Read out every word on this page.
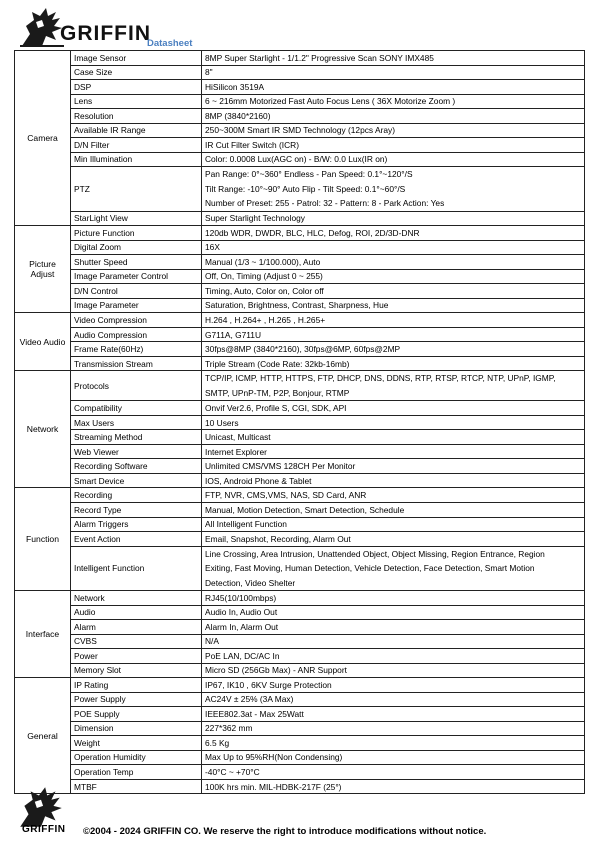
GRIFFIN
Datasheet
Camera	Image Sensor	8MP Super Starlight - 1/1.2" Progressive Scan SONY IMX485
	Case Size	8"
	DSP	HiSilicon 3519A
	Lens	6 ~ 216mm Motorized Fast Auto Focus Lens ( 36X Motorize Zoom )
	Resolution	8MP (3840*2160)
	Available IR Range	250~300M Smart IR SMD Technology (12pcs Aray)
	D/N Filter	IR Cut Filter Switch (ICR)
	Min Illumination	Color: 0.0008 Lux(AGC on) - B/W: 0.0 Lux(IR on)
	PTZ	Pan Range: 0°~360° Endless - Pan Speed: 0.1°~120°/S
Tilt Range: -10°~90° Auto Flip - Tilt Speed: 0.1°~60°/S
Number of Preset: 255 - Patrol: 32 - Pattern: 8 - Park Action: Yes

	StarLight View	Super Starlight Technology
Picture Adjust	Picture Function	120db WDR, DWDR, BLC, HLC, Defog, ROI, 2D/3D-DNR
	Digital Zoom	16X
	Shutter Speed	Manual (1/3 ~ 1/100.000), Auto
	Image Parameter Control	Off, On, Timing (Adjust 0 ~ 255)
	D/N Control	Timing, Auto, Color on, Color off
	Image Parameter	Saturation, Brightness, Contrast, Sharpness, Hue
Video Audio	Video Compression	H.264 , H.264+ , H.265 , H.265+
	Audio Compression	G711A, G711U
	Frame Rate(60Hz)	30fps@8MP (3840*2160), 30fps@6MP, 60fps@2MP
	Transmission Stream	Triple Stream (Code Rate: 32kb-16mb)
Network	Protocols	TCP/IP, ICMP, HTTP, HTTPS, FTP, DHCP, DNS, DDNS, RTP, RTSP, RTCP, NTP, UPnP, IGMP,
SMTP, UPnP-TM, P2P, Bonjour, RTMP

	Compatibility	Onvif Ver2.6, Profile S, CGI, SDK, API
	Max Users	10 Users
	Streaming Method	Unicast, Multicast
	Web Viewer	Internet Explorer
	Recording Software	Unlimited CMS/VMS 128CH Per Monitor
	Smart Device	IOS, Android Phone & Tablet
Function	Recording	FTP, NVR, CMS,VMS, NAS, SD Card, ANR
	Record Type	Manual, Motion Detection, Smart Detection, Schedule
	Alarm Triggers	All Intelligent Function
	Event Action	Email, Snapshot, Recording, Alarm Out
	Intelligent Function	Line Crossing, Area Intrusion, Unattended Object, Object Missing, Region Entrance, Region
Exiting, Fast Moving, Human Detection, Vehicle Detection, Face Detection, Smart Motion
Detection, Video Shelter

Interface	Network	RJ45(10/100mbps)
	Audio	Audio In, Audio Out
	Alarm	Alarm In, Alarm Out
	CVBS	N/A
	Power	PoE LAN, DC/AC In
	Memory Slot	Micro SD (256Gb Max) - ANR Support
General	IP Rating	IP67, IK10 , 6KV Surge Protection
	Power Supply	AC24V ± 25% (3A Max)
	POE Supply	IEEE802.3at - Max 25Watt
	Dimension	227*362 mm
	Weight	6.5 Kg
	Operation Humidity	Max Up to 95%RH(Non Condensing)
	Operation Temp	-40°C ~ +70°C
	MTBF	100K hrs min. MIL-HDBK-217F (25°)
GRIFFIN ©2004 - 2024 GRIFFIN CO. We reserve the right to introduce modifications without notice.
